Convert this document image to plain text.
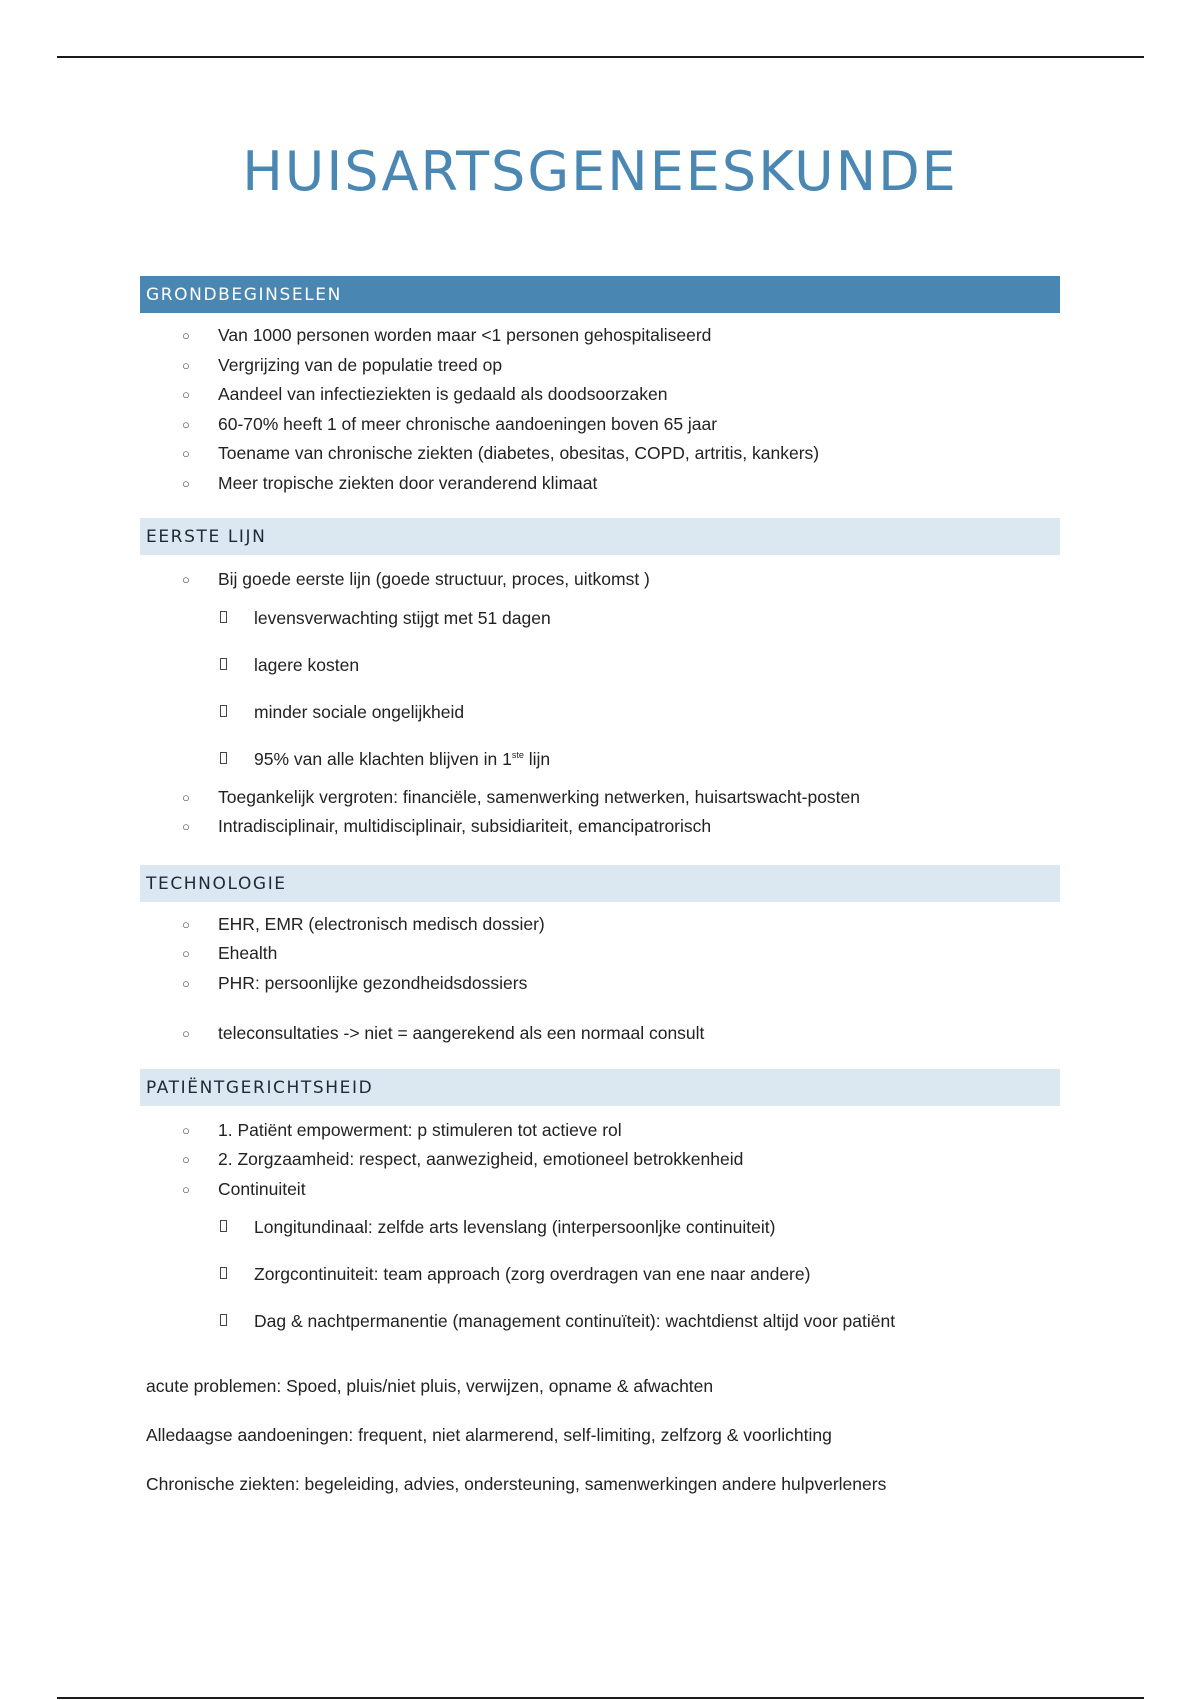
HUISARTSGENEESKUNDE
GRONDBEGINSELEN
○ Van 1000 personen worden maar <1 personen gehospitaliseerd
○ Vergrijzing van de populatie treed op
○ Aandeel van infectieziekten is gedaald als doodsoorzaken
○ 60-70% heeft 1 of meer chronische aandoeningen boven 65 jaar
○ Toename van chronische ziekten (diabetes, obesitas, COPD, artritis, kankers)
○ Meer tropische ziekten door veranderend klimaat
EERSTE LIJN
○ Bij goede eerste lijn (goede structuur, proces, uitkomst )
levensverwachting stijgt met 51 dagen
lagere kosten
minder sociale ongelijkheid
95% van alle klachten blijven in 1ste lijn
○ Toegankelijk vergroten: financiële, samenwerking netwerken, huisartswacht-posten
○ Intradisciplinair, multidisciplinair, subsidiariteit, emancipatrorisch
TECHNOLOGIE
○ EHR, EMR (electronisch medisch dossier)
○ Ehealth
○ PHR: persoonlijke gezondheidsdossiers
○ teleconsultaties -> niet = aangerekend als een normaal consult
PATIËNTGERICHTSHEID
○ 1. Patiënt empowerment: p stimuleren tot actieve rol
○ 2. Zorgzaamheid: respect, aanwezigheid, emotioneel betrokkenheid
○ Continuiteit
Longitundinaal: zelfde arts levenslang (interpersoonljke continuiteit)
Zorgcontinuiteit: team approach (zorg overdragen van ene naar andere)
Dag & nachtpermanentie (management continuïteit): wachtdienst altijd voor patiënt

acute problemen: Spoed, pluis/niet pluis, verwijzen, opname & afwachten

Alledaagse aandoeningen: frequent, niet alarmerend, self-limiting, zelfzorg & voorlichting

Chronische ziekten: begeleiding, advies, ondersteuning, samenwerkingen andere hulpverleners
